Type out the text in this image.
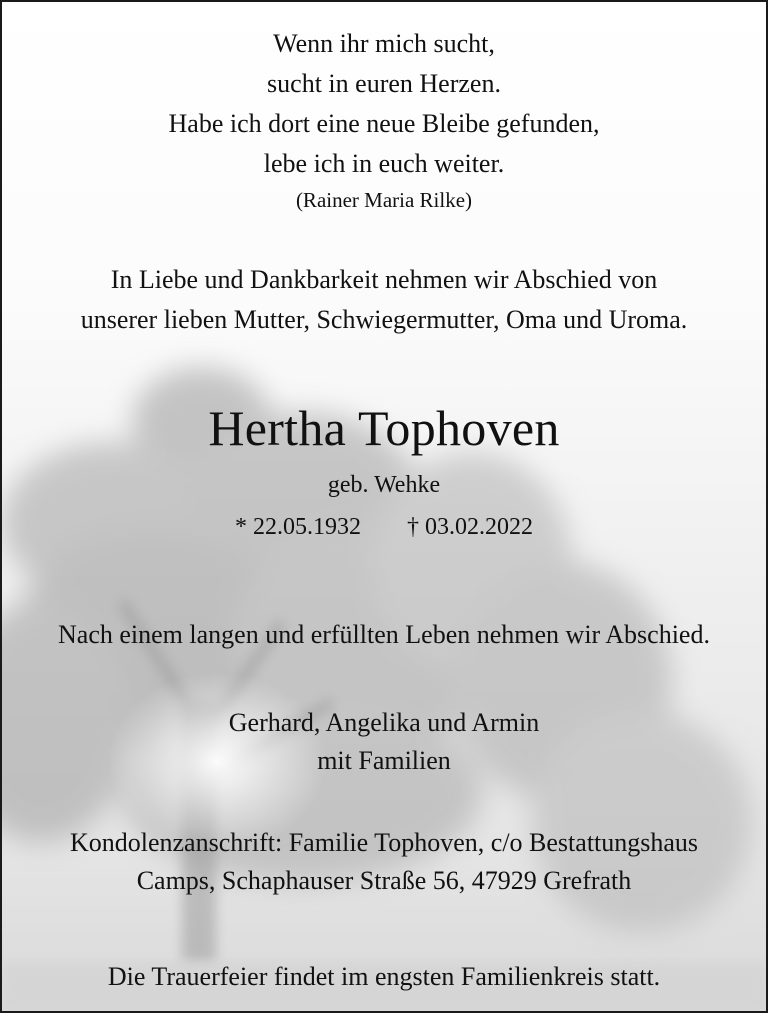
Wenn ihr mich sucht,
sucht in euren Herzen.
Habe ich dort eine neue Bleibe gefunden,
lebe ich in euch weiter.

(Rainer Maria Rilke)

In Liebe und Dankbarkeit nehmen wir Abschied von
unserer lieben Mutter, Schwiegermutter, Oma und Uroma.

Hertha Tophoven

geb. Wehke

* 22.05.1932 † 03.02.2022

Nach einem langen und erfüllten Leben nehmen wir Abschied.

Gerhard, Angelika und Armin
mit Familien

Kondolenzanschrift: Familie Tophoven, c/o Bestattungshaus
Camps, Schaphauser Straße 56, 47929 Grefrath

Die Trauerfeier findet im engsten Familienkreis statt.
